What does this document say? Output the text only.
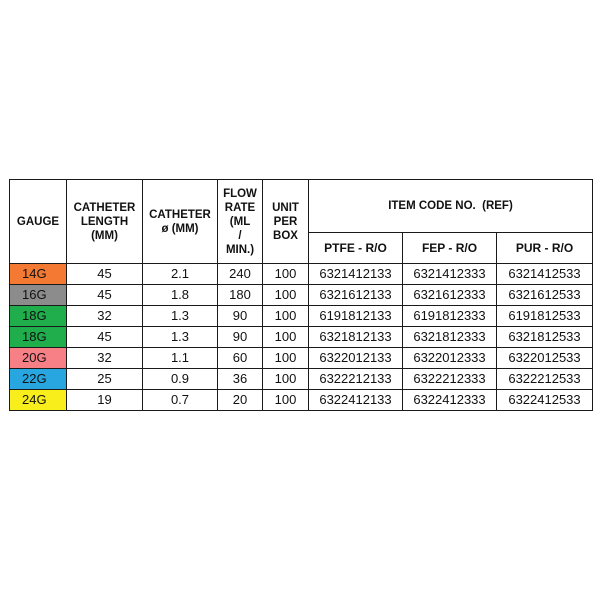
GAUGE	CATHETER
LENGTH
(MM)	CATHETER
ø (MM)	FLOW
RATE
(ML
/
MIN.)	UNIT
PER
BOX	ITEM CODE NO.  (REF)		
					PTFE - R/O	FEP - R/O	PUR - R/O
14G	45	2.1	240	100	6321412133	6321412333	6321412533
16G	45	1.8	180	100	6321612133	6321612333	6321612533
18G	32	1.3	90	100	6191812133	6191812333	6191812533
18G	45	1.3	90	100	6321812133	6321812333	6321812533
20G	32	1.1	60	100	6322012133	6322012333	6322012533
22G	25	0.9	36	100	6322212133	6322212333	6322212533
24G	19	0.7	20	100	6322412133	6322412333	6322412533
